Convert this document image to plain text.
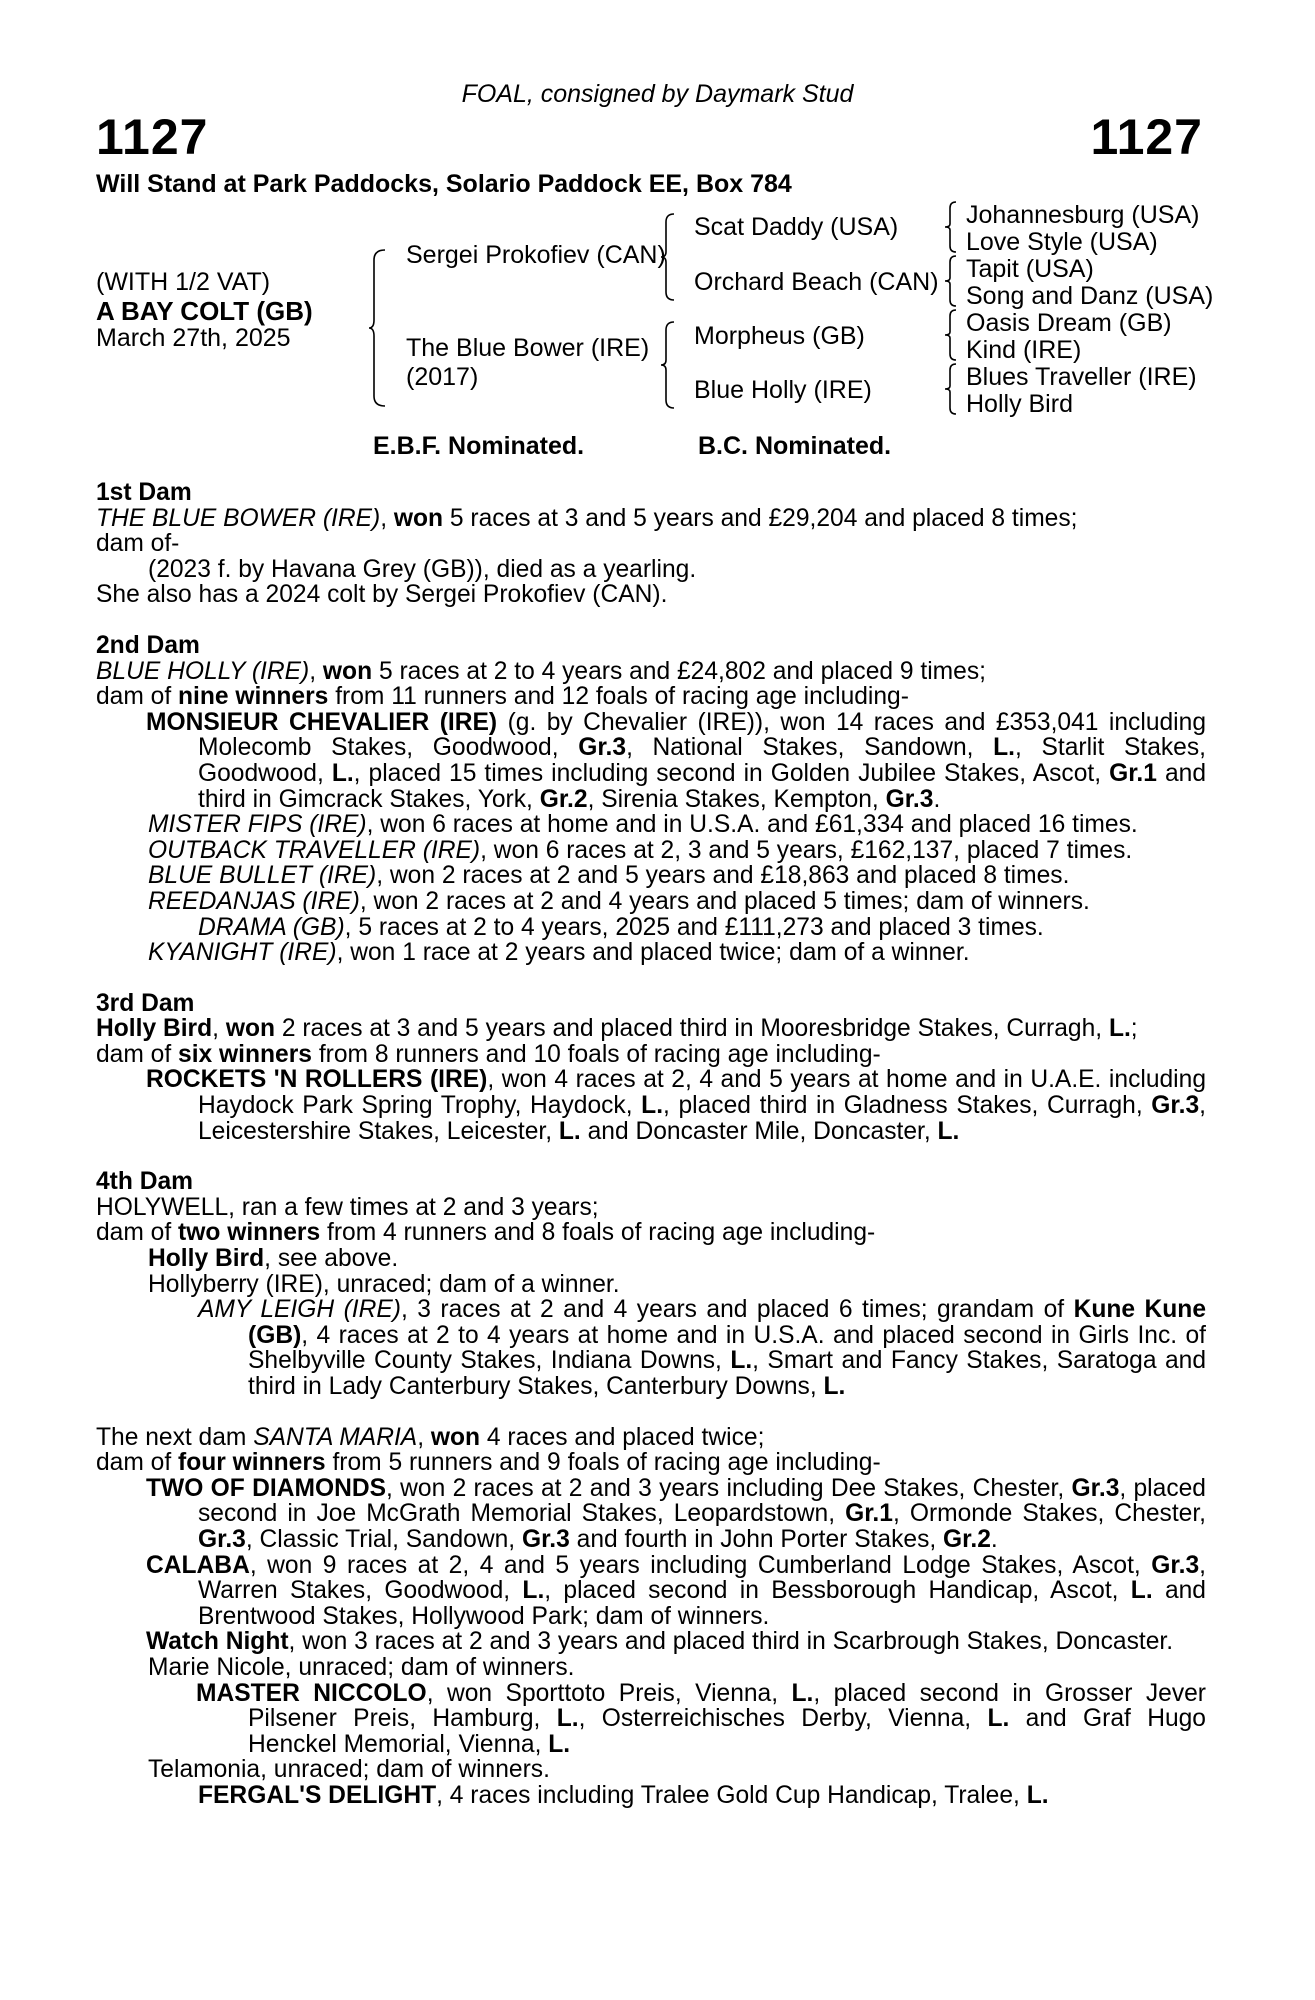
FOAL, consigned by Daymark Stud
1127	1127
Will Stand at Park Paddocks, Solario Paddock EE, Box 784
(WITH 1/2 VAT)
A BAY COLT (GB)
March 27th, 2025
Sergei Prokofiev (CAN)
The Blue Bower (IRE)
(2017)
Scat Daddy (USA)
Orchard Beach (CAN)
Morpheus (GB)
Blue Holly (IRE)
Johannesburg (USA)
Love Style (USA)
Tapit (USA)
Song and Danz (USA)
Oasis Dream (GB)
Kind (IRE)
Blues Traveller (IRE)
Holly Bird
E.B.F. Nominated.	B.C. Nominated.
1st Dam
THE BLUE BOWER (IRE), won 5 races at 3 and 5 years and £29,204 and placed 8 times;
dam of-
(2023 f. by Havana Grey (GB)), died as a yearling.
She also has a 2024 colt by Sergei Prokofiev (CAN).
2nd Dam
BLUE HOLLY (IRE), won 5 races at 2 to 4 years and £24,802 and placed 9 times;
dam of nine winners from 11 runners and 12 foals of racing age including-
MONSIEUR CHEVALIER (IRE) (g. by Chevalier (IRE)), won 14 races and £353,041 including Molecomb Stakes, Goodwood, Gr.3, National Stakes, Sandown, L., Starlit Stakes, Goodwood, L., placed 15 times including second in Golden Jubilee Stakes, Ascot, Gr.1 and third in Gimcrack Stakes, York, Gr.2, Sirenia Stakes, Kempton, Gr.3.
MISTER FIPS (IRE), won 6 races at home and in U.S.A. and £61,334 and placed 16 times.
OUTBACK TRAVELLER (IRE), won 6 races at 2, 3 and 5 years, £162,137, placed 7 times.
BLUE BULLET (IRE), won 2 races at 2 and 5 years and £18,863 and placed 8 times.
REEDANJAS (IRE), won 2 races at 2 and 4 years and placed 5 times; dam of winners.
DRAMA (GB), 5 races at 2 to 4 years, 2025 and £111,273 and placed 3 times.
KYANIGHT (IRE), won 1 race at 2 years and placed twice; dam of a winner.
3rd Dam
Holly Bird, won 2 races at 3 and 5 years and placed third in Mooresbridge Stakes, Curragh, L.;
dam of six winners from 8 runners and 10 foals of racing age including-
ROCKETS 'N ROLLERS (IRE), won 4 races at 2, 4 and 5 years at home and in U.A.E. including Haydock Park Spring Trophy, Haydock, L., placed third in Gladness Stakes, Curragh, Gr.3, Leicestershire Stakes, Leicester, L. and Doncaster Mile, Doncaster, L.
4th Dam
HOLYWELL, ran a few times at 2 and 3 years;
dam of two winners from 4 runners and 8 foals of racing age including-
Holly Bird, see above.
Hollyberry (IRE), unraced; dam of a winner.
AMY LEIGH (IRE), 3 races at 2 and 4 years and placed 6 times; grandam of Kune Kune (GB), 4 races at 2 to 4 years at home and in U.S.A. and placed second in Girls Inc. of Shelbyville County Stakes, Indiana Downs, L., Smart and Fancy Stakes, Saratoga and third in Lady Canterbury Stakes, Canterbury Downs, L.
The next dam SANTA MARIA, won 4 races and placed twice;
dam of four winners from 5 runners and 9 foals of racing age including-
TWO OF DIAMONDS, won 2 races at 2 and 3 years including Dee Stakes, Chester, Gr.3, placed second in Joe McGrath Memorial Stakes, Leopardstown, Gr.1, Ormonde Stakes, Chester, Gr.3, Classic Trial, Sandown, Gr.3 and fourth in John Porter Stakes, Gr.2.
CALABA, won 9 races at 2, 4 and 5 years including Cumberland Lodge Stakes, Ascot, Gr.3, Warren Stakes, Goodwood, L., placed second in Bessborough Handicap, Ascot, L. and Brentwood Stakes, Hollywood Park; dam of winners.
Watch Night, won 3 races at 2 and 3 years and placed third in Scarbrough Stakes, Doncaster.
Marie Nicole, unraced; dam of winners.
MASTER NICCOLO, won Sporttoto Preis, Vienna, L., placed second in Grosser Jever Pilsener Preis, Hamburg, L., Osterreichisches Derby, Vienna, L. and Graf Hugo Henckel Memorial, Vienna, L.
Telamonia, unraced; dam of winners.
FERGAL'S DELIGHT, 4 races including Tralee Gold Cup Handicap, Tralee, L.
